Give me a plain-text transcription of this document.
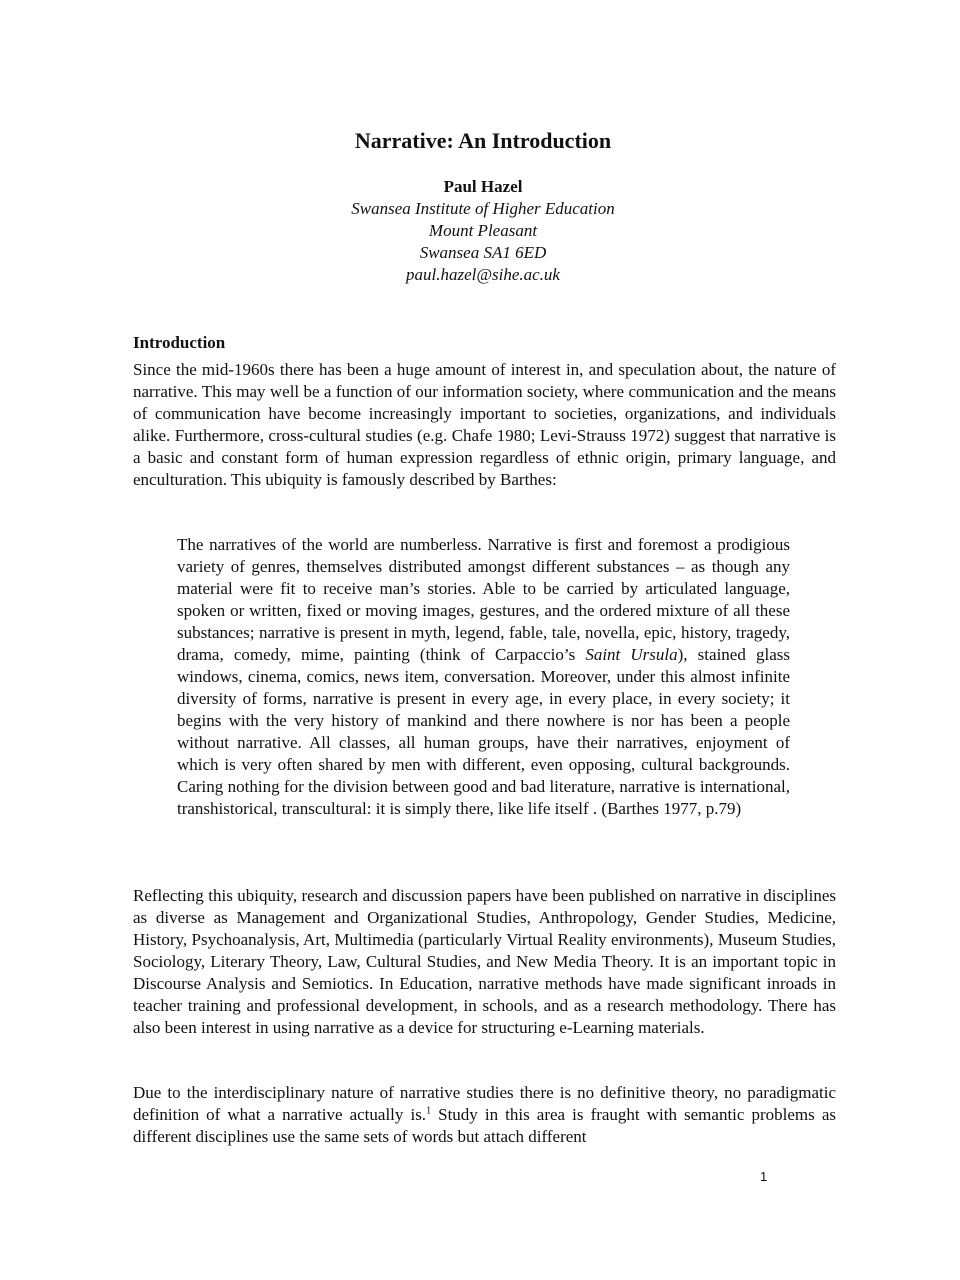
Narrative: An Introduction
Paul Hazel
Swansea Institute of Higher Education
Mount Pleasant
Swansea SA1 6ED
paul.hazel@sihe.ac.uk
Introduction

Since the mid-1960s there has been a huge amount of interest in, and speculation about, the nature of narrative. This may well be a function of our information society, where communication and the means of communication have become increasingly important to societies, organizations, and individuals alike. Furthermore, cross-cultural studies (e.g. Chafe 1980; Levi-Strauss 1972) suggest that narrative is a basic and constant form of human expression regardless of ethnic origin, primary language, and enculturation. This ubiquity is famously described by Barthes:

The narratives of the world are numberless. Narrative is first and foremost a prodigious variety of genres, themselves distributed amongst different substances – as though any material were fit to receive man’s stories. Able to be carried by articulated language, spoken or written, fixed or moving images, gestures, and the ordered mixture of all these substances; narrative is present in myth, legend, fable, tale, novella, epic, history, tragedy, drama, comedy, mime, painting (think of Carpaccio’s Saint Ursula), stained glass windows, cinema, comics, news item, conversation. Moreover, under this almost infinite diversity of forms, narrative is present in every age, in every place, in every society; it begins with the very history of mankind and there nowhere is nor has been a people without narrative. All classes, all human groups, have their narratives, enjoyment of which is very often shared by men with different, even opposing, cultural backgrounds. Caring nothing for the division between good and bad literature, narrative is international, transhistorical, transcultural: it is simply there, like life itself . (Barthes 1977, p.79)

Reflecting this ubiquity, research and discussion papers have been published on narrative in disciplines as diverse as Management and Organizational Studies, Anthropology, Gender Studies, Medicine, History, Psychoanalysis, Art, Multimedia (particularly Virtual Reality environments), Museum Studies, Sociology, Literary Theory, Law, Cultural Studies, and New Media Theory. It is an important topic in Discourse Analysis and Semiotics. In Education, narrative methods have made significant inroads in teacher training and professional development, in schools, and as a research methodology. There has also been interest in using narrative as a device for structuring e-Learning materials.

Due to the interdisciplinary nature of narrative studies there is no definitive theory, no paradigmatic definition of what a narrative actually is.$^1$ Study in this area is fraught with semantic problems as different disciplines use the same sets of words but attach different

1
